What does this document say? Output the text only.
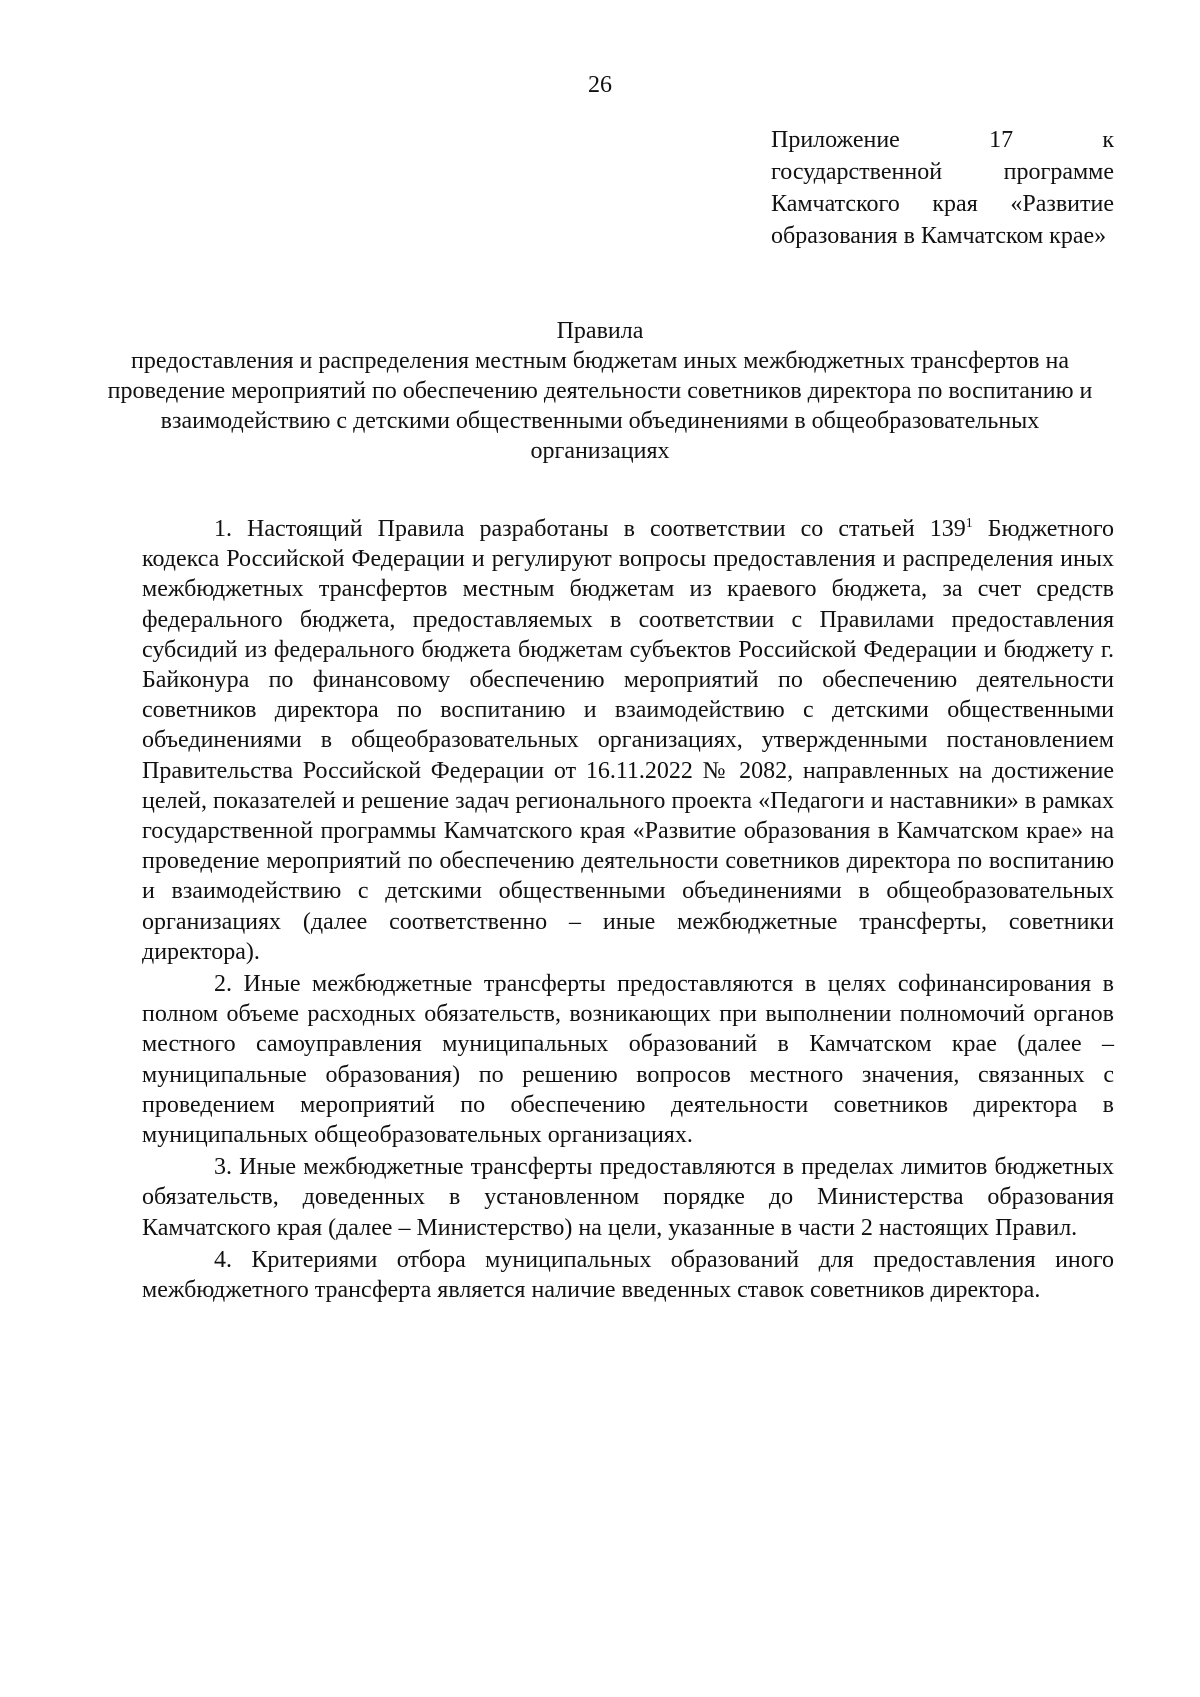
26
Приложение	17	к
государственной программе Камчатского края «Развитие образования в Камчатском крае»
Правила
предоставления и распределения местным бюджетам иных межбюджетных трансфертов на проведение мероприятий по обеспечению деятельности советников директора по воспитанию и взаимодействию с детскими общественными объединениями в общеобразовательных организациях

1. Настоящий Правила разработаны в соответствии со статьей $139^1$ Бюджетного кодекса Российской Федерации и регулируют вопросы предоставления и распределения иных межбюджетных трансфертов местным бюджетам из краевого бюджета, за счет средств федерального бюджета, предоставляемых в соответствии с Правилами предоставления субсидий из федерального бюджета бюджетам субъектов Российской Федерации и бюджету г. Байконура по финансовому обеспечению мероприятий по обеспечению деятельности советников директора по воспитанию и взаимодействию с детскими общественными объединениями в общеобразовательных организациях, утвержденными постановлением Правительства Российской Федерации от 16.11.2022 № 2082, направленных на достижение целей, показателей и решение задач регионального проекта «Педагоги и наставники» в рамках государственной программы Камчатского края «Развитие образования в Камчатском крае» на проведение мероприятий по обеспечению деятельности советников директора по воспитанию и взаимодействию с детскими общественными объединениями в общеобразовательных организациях (далее соответственно – иные межбюджетные трансферты, советники директора).

2. Иные межбюджетные трансферты предоставляются в целях софинансирования в полном объеме расходных обязательств, возникающих при выполнении полномочий органов местного самоуправления муниципальных образований в Камчатском крае (далее – муниципальные образования) по решению вопросов местного значения, связанных с проведением мероприятий по обеспечению деятельности советников директора в муниципальных общеобразовательных организациях.

3. Иные межбюджетные трансферты предоставляются в пределах лимитов бюджетных обязательств, доведенных в установленном порядке до Министерства образования Камчатского края (далее – Министерство) на цели, указанные в части 2 настоящих Правил.

4. Критериями отбора муниципальных образований для предоставления иного межбюджетного трансферта является наличие введенных ставок советников директора.
